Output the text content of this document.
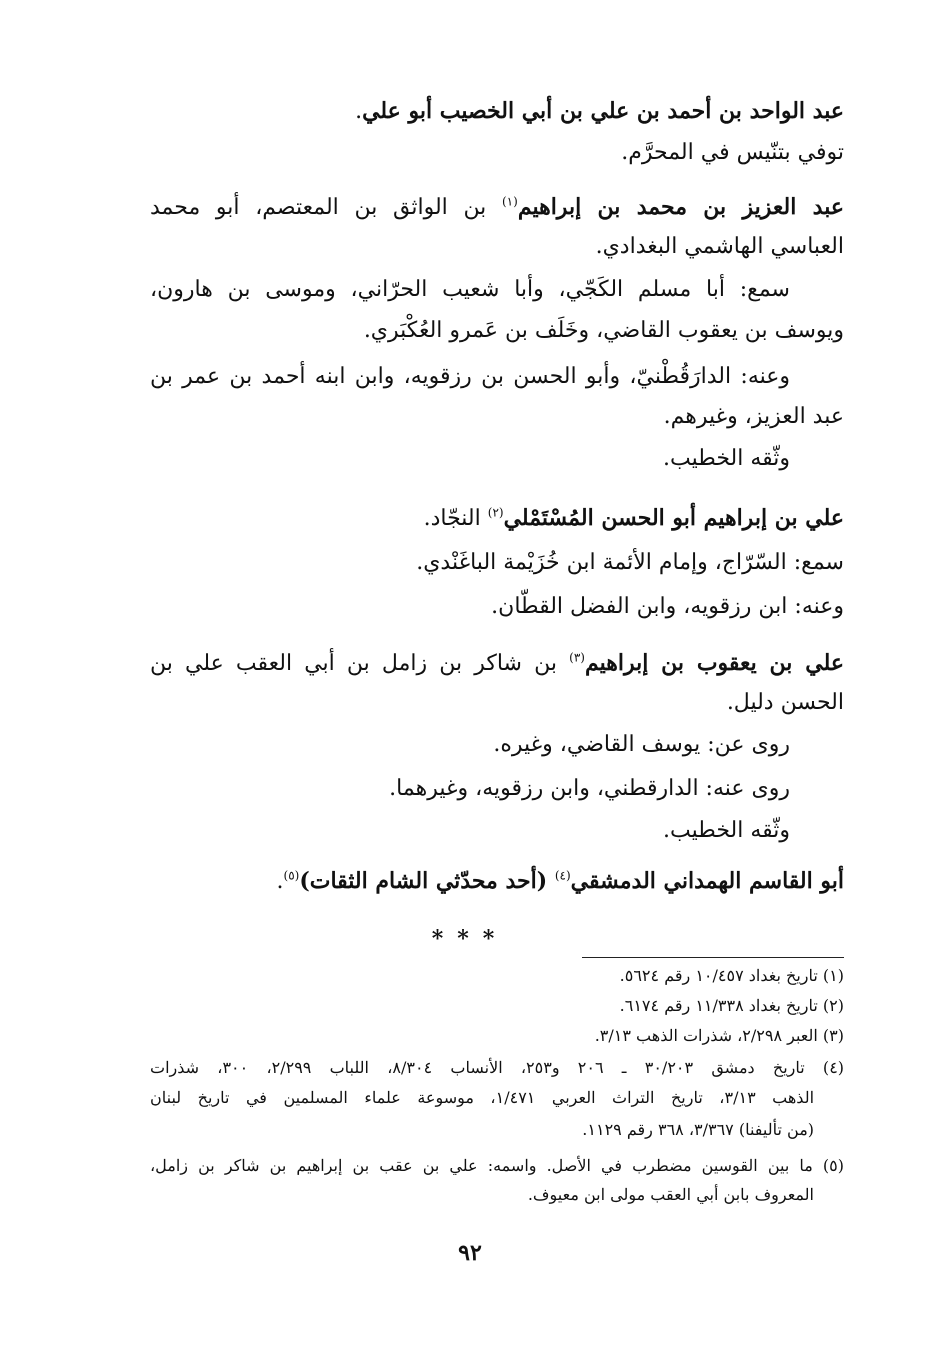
عبد الواحد بن أحمد بن علي بن أبي الخصيب أبو علي.
توفي بتنّيس في المحرَّم.
عبد العزيز بن محمد بن إبراهيم$^{(١)}$ بن الواثق بن المعتصم، أبو محمد
العباسي الهاشمي البغدادي.
سمع: أبا مسلم الكَجّي، وأبا شعيب الحرّاني، وموسى بن هارون،
ويوسف بن يعقوب القاضي، وخَلَف بن عَمرو العُكْبَري.
وعنه: الدارَقُطْنيّ، وأبو الحسن بن رزقويه، وابن ابنه أحمد بن عمر بن
عبد العزيز، وغيرهم.
وثّقه الخطيب.
علي بن إبراهيم أبو الحسن المُسْتَمْلي$^{(٢)}$ النجّاد.
سمع: السّرّاج، وإمام الأئمة ابن خُزَيْمة الباغَنْدي.
وعنه: ابن رزقويه، وابن الفضل القطّان.
علي بن يعقوب بن إبراهيم$^{(٣)}$ بن شاكر بن زامل بن أبي العقب علي بن
الحسن دليل.
روى عن: يوسف القاضي، وغيره.
روى عنه: الدارقطني، وابن رزقويه، وغيرهما.
وثّقه الخطيب.
أبو القاسم الهمداني الدمشقي$^{(٤)}$ (أحد محدّثي الشام الثقات)$^{(٥)}$.
***
(١) تاريخ بغداد ١٠/٤٥٧ رقم ٥٦٢٤.
(٢) تاريخ بغداد ١١/٣٣٨ رقم ٦١٧٤.
(٣) العبر ٢/٢٩٨، شذرات الذهب ٣/١٣.
(٤) تاريخ دمشق ٣٠/٢٠٣ ـ ٢٠٦ و٢٥٣، الأنساب ٨/٣٠٤، اللباب ٢/٢٩٩، ٣٠٠، شذرات
الذهب ٣/١٣، تاريخ التراث العربي ١/٤٧١، موسوعة علماء المسلمين في تاريخ لبنان
(من تأليفنا) ٣/٣٦٧، ٣٦٨ رقم ١١٢٩.
(٥) ما بين القوسين مضطرب في الأصل. واسمه: علي بن عقب بن إبراهيم بن شاكر بن زامل،
المعروف بابن أبي العقب مولى ابن معيوف.
٩٢
